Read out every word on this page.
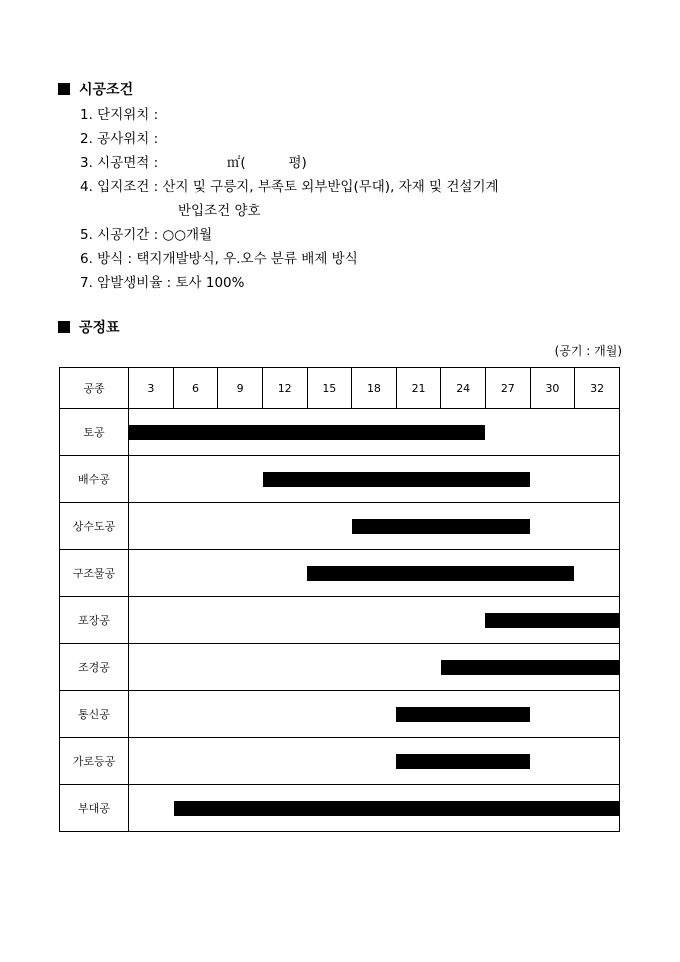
시공조건
1. 단지위치 :
2. 공사위치 :
3. 시공면적 :                ㎡(          평)
4. 입지조건 : 산지 및 구릉지, 부족토 외부반입(무대), 자재 및 건설기계
반입조건 양호
5. 시공기간 : ○○개월
6. 방식 : 택지개발방식, 우.오수 분류 배제 방식
7. 암발생비율 : 토사 100%
공정표
(공기 : 개월)
공종	3	6	9	12	15	18	21	24	27	30	32
토공											

배수공											

상수도공											

구조물공											

포장공											

조경공											

통신공											

가로등공											

부대공											
